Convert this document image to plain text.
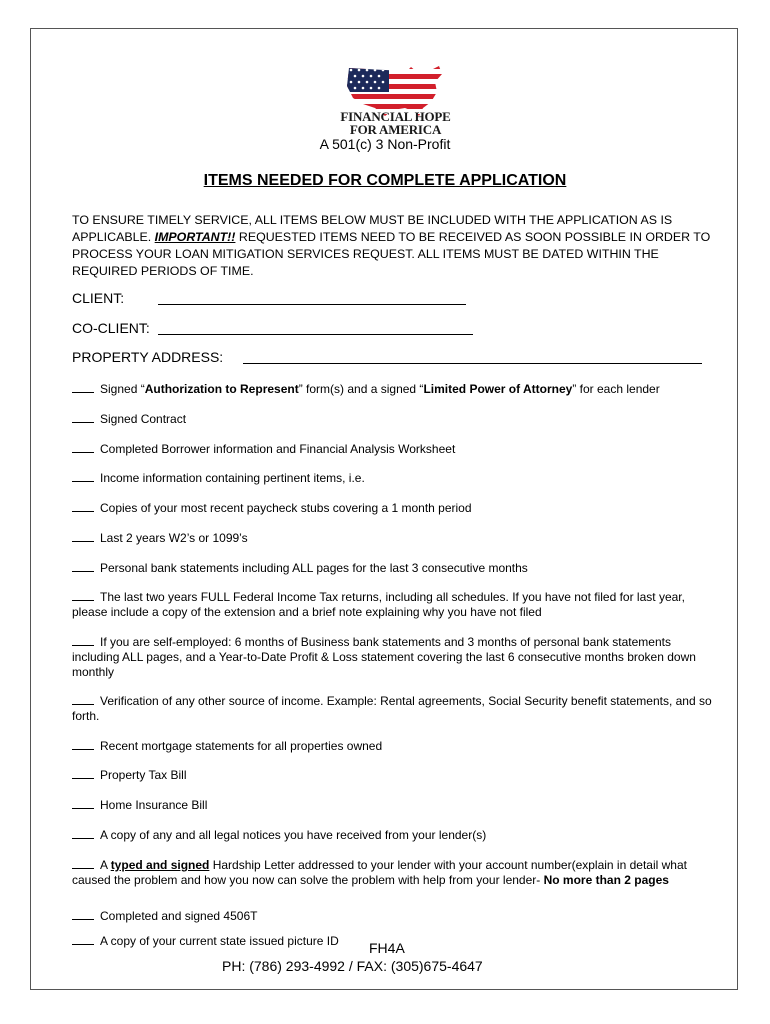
FINANCIAL HOPE
FOR AMERICA
A 501(c) 3 Non-Profit
ITEMS NEEDED FOR COMPLETE APPLICATION
TO ENSURE TIMELY SERVICE, ALL ITEMS BELOW MUST BE INCLUDED WITH THE APPLICATION AS IS APPLICABLE. IMPORTANT!! REQUESTED ITEMS NEED TO BE RECEIVED AS SOON POSSIBLE IN ORDER TO PROCESS YOUR LOAN MITIGATION SERVICES REQUEST. ALL ITEMS MUST BE DATED WITHIN THE REQUIRED PERIODS OF TIME.
CLIENT:
CO-CLIENT:
PROPERTY ADDRESS:
Signed “Authorization to Represent” form(s) and a signed “Limited Power of Attorney” for each lender
Signed Contract
Completed Borrower information and Financial Analysis Worksheet
Income information containing pertinent items, i.e.
Copies of your most recent paycheck stubs covering a 1 month period
Last 2 years W2’s or 1099’s
Personal bank statements including ALL pages for the last 3 consecutive months
The last two years FULL Federal Income Tax returns, including all schedules. If you have not filed for last year, please include a copy of the extension and a brief note explaining why you have not filed
If you are self-employed: 6 months of Business bank statements and 3 months of personal bank statements including ALL pages, and a Year-to-Date Profit & Loss statement covering the last 6 consecutive months broken down monthly
Verification of any other source of income. Example: Rental agreements, Social Security benefit statements, and so forth.
Recent mortgage statements for all properties owned
Property Tax Bill
Home Insurance Bill
A copy of any and all legal notices you have received from your lender(s)
A typed and signed Hardship Letter addressed to your lender with your account number(explain in detail what caused the problem and how you now can solve the problem with help from your lender- No more than 2 pages
Completed and signed 4506T
A copy of your current state issued picture ID	FH4A
PH: (786) 293-4992 / FAX: (305)675-4647
